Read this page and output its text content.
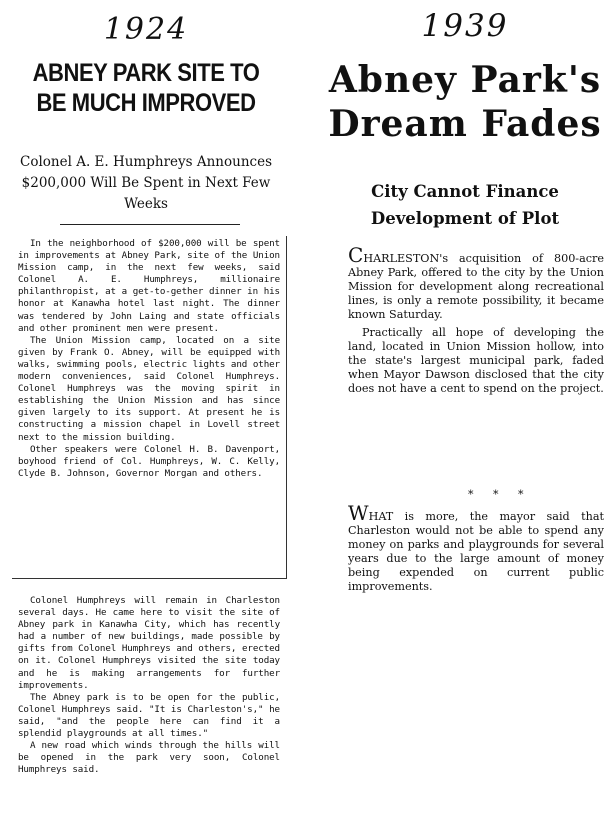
1924
ABNEY PARK SITE TO BE MUCH IMPROVED
Colonel A. E. Humphreys Announces $200,000 Will Be Spent in Next Few Weeks

In the neighborhood of $200,000 will be spent in improvements at Abney Park, site of the Union Mission camp, in the next few weeks, said Colonel A. E. Humphreys, millionaire philanthropist, at a get-to-gether dinner in his honor at Kanawha hotel last night. The dinner was tendered by John Laing and state officials and other prominent men were present.

The Union Mission camp, located on a site given by Frank O. Abney, will be equipped with walks, swimming pools, electric lights and other modern conveniences, said Colonel Humphreys. Colonel Humphreys was the moving spirit in establishing the Union Mission and has since given largely to its support. At present he is constructing a mission chapel in Lovell street next to the mission building.

Other speakers were Colonel H. B. Davenport, boyhood friend of Col. Humphreys, W. C. Kelly, Clyde B. Johnson, Governor Morgan and others.

Colonel Humphreys will remain in Charleston several days. He came here to visit the site of Abney park in Kanawha City, which has recently had a number of new buildings, made possible by gifts from Colonel Humphreys and others, erected on it. Colonel Humphreys visited the site today and he is making arrangements for further improvements.

The Abney park is to be open for the public, Colonel Humphreys said. "It is Charleston's," he said, "and the people here can find it a splendid playgrounds at all times."

A new road which winds through the hills will be opened in the park very soon, Colonel Humphreys said.

1939
Abney Park's Dream Fades
City Cannot Finance Development of Plot

CHARLESTON's acquisition of 800-acre Abney Park, offered to the city by the Union Mission for development along recreational lines, is only a remote possibility, it became known Saturday.

Practically all hope of developing the land, located in Union Mission hollow, into the state's largest municipal park, faded when Mayor Dawson disclosed that the city does not have a cent to spend on the project.

* * *

WHAT is more, the mayor said that Charleston would not be able to spend any money on parks and playgrounds for several years due to the large amount of money being expended on current public improvements.
